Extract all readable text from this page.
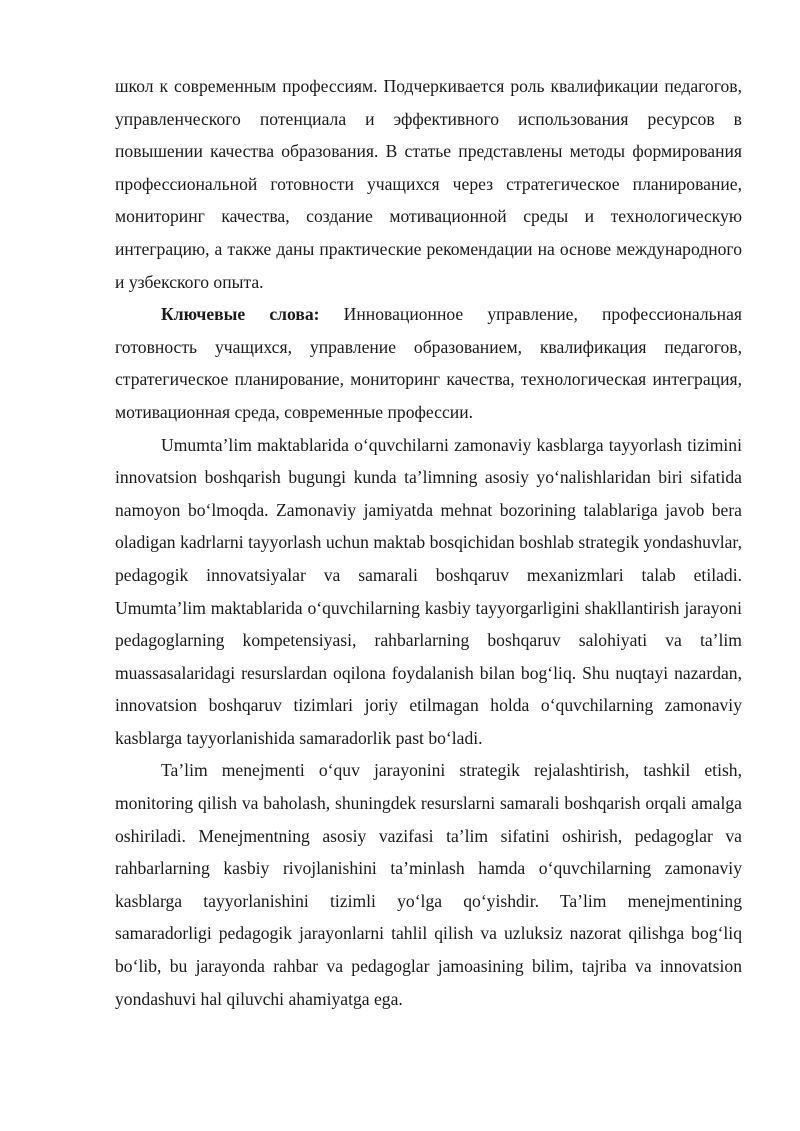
школ к современным профессиям. Подчеркивается роль квалификации педагогов, управленческого потенциала и эффективного использования ресурсов в повышении качества образования. В статье представлены методы формирования профессиональной готовности учащихся через стратегическое планирование, мониторинг качества, создание мотивационной среды и технологическую интеграцию, а также даны практические рекомендации на основе международного и узбекского опыта.

Ключевые слова: Инновационное управление, профессиональная готовность учащихся, управление образованием, квалификация педагогов, стратегическое планирование, мониторинг качества, технологическая интеграция, мотивационная среда, современные профессии.

Umumta’lim maktablarida o‘quvchilarni zamonaviy kasblarga tayyorlash tizimini innovatsion boshqarish bugungi kunda ta’limning asosiy yo‘nalishlaridan biri sifatida namoyon bo‘lmoqda. Zamonaviy jamiyatda mehnat bozorining talablariga javob bera oladigan kadrlarni tayyorlash uchun maktab bosqichidan boshlab strategik yondashuvlar, pedagogik innovatsiyalar va samarali boshqaruv mexanizmlari talab etiladi. Umumta’lim maktablarida o‘quvchilarning kasbiy tayyorgarligini shakllantirish jarayoni pedagoglarning kompetensiyasi, rahbarlarning boshqaruv salohiyati va ta’lim muassasalaridagi resurslardan oqilona foydalanish bilan bog‘liq. Shu nuqtayi nazardan, innovatsion boshqaruv tizimlari joriy etilmagan holda o‘quvchilarning zamonaviy kasblarga tayyorlanishida samaradorlik past bo‘ladi.

Ta’lim menejmenti o‘quv jarayonini strategik rejalashtirish, tashkil etish, monitoring qilish va baholash, shuningdek resurslarni samarali boshqarish orqali amalga oshiriladi. Menejmentning asosiy vazifasi ta’lim sifatini oshirish, pedagoglar va rahbarlarning kasbiy rivojlanishini ta’minlash hamda o‘quvchilarning zamonaviy kasblarga tayyorlanishini tizimli yo‘lga qo‘yishdir. Ta’lim menejmentining samaradorligi pedagogik jarayonlarni tahlil qilish va uzluksiz nazorat qilishga bog‘liq bo‘lib, bu jarayonda rahbar va pedagoglar jamoasining bilim, tajriba va innovatsion yondashuvi hal qiluvchi ahamiyatga ega.
